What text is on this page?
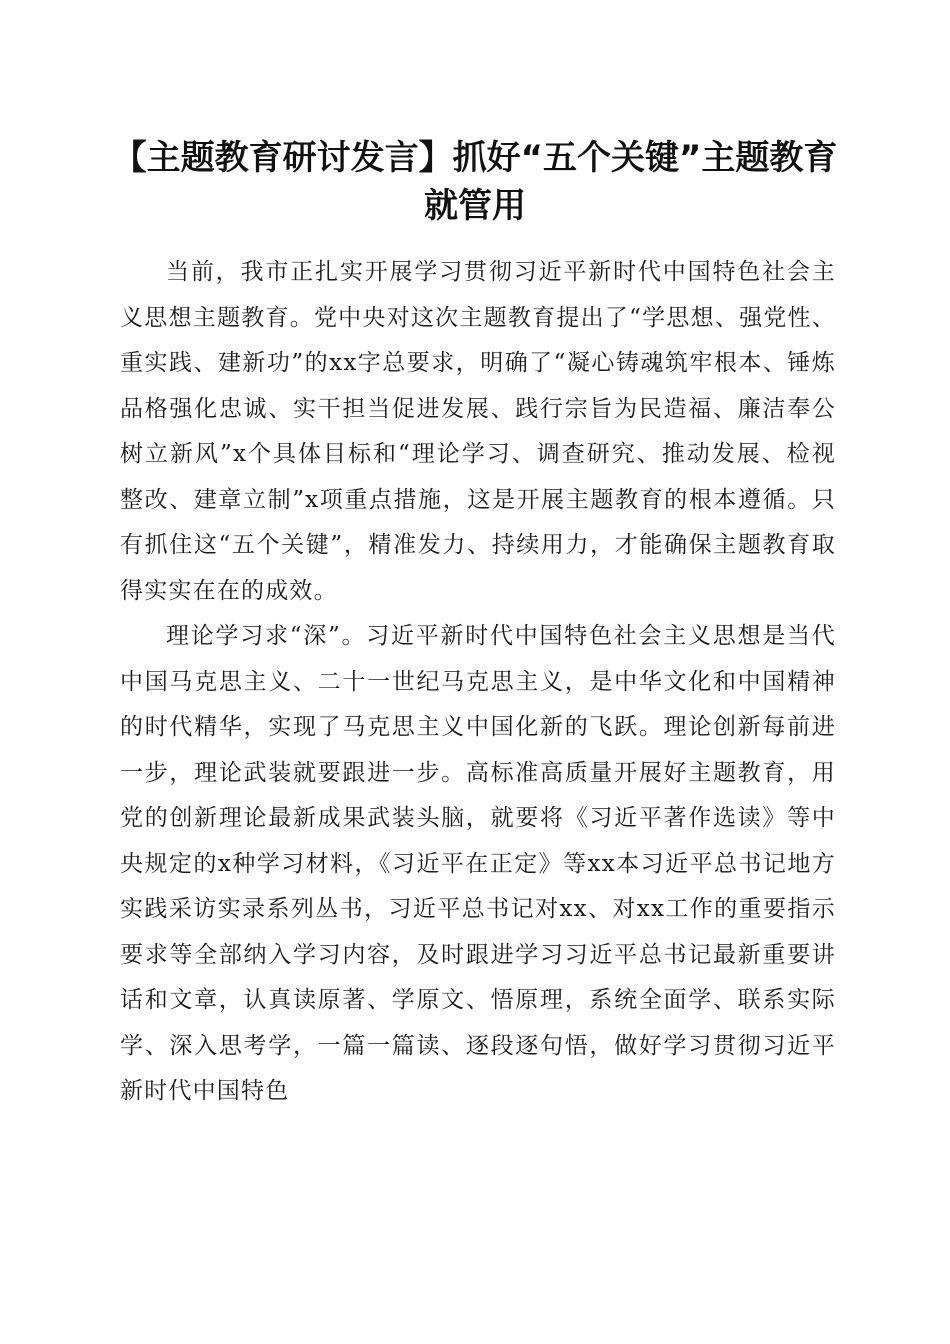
【主题教育研讨发言】抓好“五个关键”主题教育就管用

当前，我市正扎实开展学习贯彻习近平新时代中国特色社会主义思想主题教育。党中央对这次主题教育提出了“学思想、强党性、重实践、建新功”的xx字总要求，明确了“凝心铸魂筑牢根本、锤炼品格强化忠诚、实干担当促进发展、践行宗旨为民造福、廉洁奉公树立新风”x个具体目标和“理论学习、调查研究、推动发展、检视整改、建章立制”x项重点措施，这是开展主题教育的根本遵循。只有抓住这“五个关键”，精准发力、持续用力，才能确保主题教育取得实实在在的成效。

理论学习求“深”。习近平新时代中国特色社会主义思想是当代中国马克思主义、二十一世纪马克思主义，是中华文化和中国精神的时代精华，实现了马克思主义中国化新的飞跃。理论创新每前进一步，理论武装就要跟进一步。高标准高质量开展好主题教育，用党的创新理论最新成果武装头脑，就要将《习近平著作选读》等中央规定的x种学习材料，《习近平在正定》等xx本习近平总书记地方实践采访实录系列丛书，习近平总书记对xx、对xx工作的重要指示要求等全部纳入学习内容，及时跟进学习习近平总书记最新重要讲话和文章，认真读原著、学原文、悟原理，系统全面学、联系实际学、深入思考学，一篇一篇读、逐段逐句悟，做好学习贯彻习近平新时代中国特色
